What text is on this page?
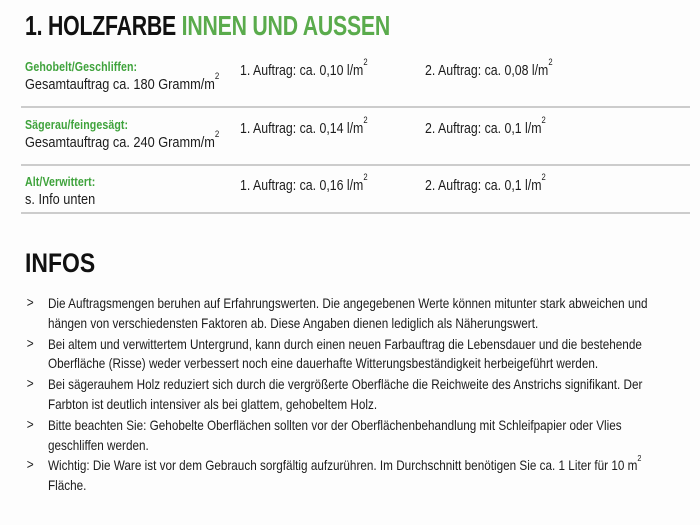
1. HOLZFARBE INNEN UND AUSSEN
Gehobelt/Geschliffen:
Gesamtauftrag ca. 180 Gramm/$m^2$	1. Auftrag: ca. 0,10 $l/m^2$
2. Auftrag: ca. 0,08 $l/m^2$
Sägerau/feingesägt:
Gesamtauftrag ca. 240 Gramm/$m^2$	1. Auftrag: ca. 0,14 $l/m^2$
2. Auftrag: ca. 0,1 $l/m^2$
Alt/Verwittert:
s. Info unten
1. Auftrag: ca. 0,16 $l/m^2$
2. Auftrag: ca. 0,1 $l/m^2$
INFOS
> Die Auftragsmengen beruhen auf Erfahrungswerten. Die angegebenen Werte können mitunter stark abweichen und hängen von verschiedensten Faktoren ab. Diese Angaben dienen lediglich als Näherungswert.
> Bei altem und verwittertem Untergrund, kann durch einen neuen Farbauftrag die Lebensdauer und die bestehende Oberfläche (Risse) weder verbessert noch eine dauerhafte Witterungsbeständigkeit herbeigeführt werden.
> Bei sägerauhem Holz reduziert sich durch die vergrößerte Oberfläche die Reichweite des Anstrichs signifikant. Der Farbton ist deutlich intensiver als bei glattem, gehobeltem Holz.
> Bitte beachten Sie: Gehobelte Oberflächen sollten vor der Oberflächenbehandlung mit Schleifpapier oder Vlies geschliffen werden.
> Wichtig: Die Ware ist vor dem Gebrauch sorgfältig aufzurühren. Im Durchschnitt benötigen Sie ca. 1 Liter für 10 $m^2$ Fläche.
